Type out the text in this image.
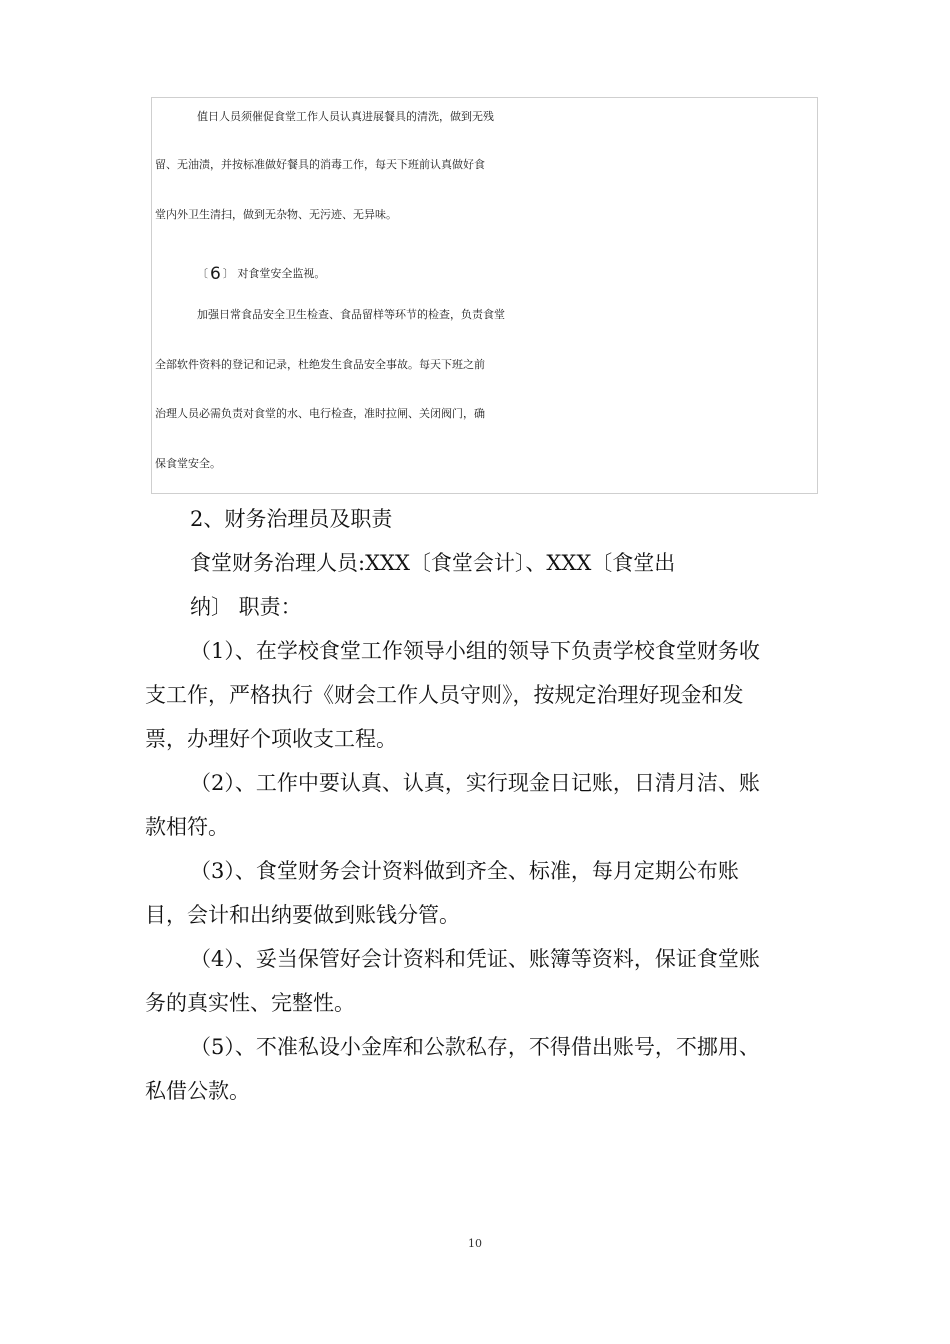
值日人员须催促食堂工作人员认真进展餐具的清洗，做到无残
留、无油渍，并按标准做好餐具的消毒工作，每天下班前认真做好食
堂内外卫生清扫，做到无杂物、无污迹、无异味。
〔 6 〕 对食堂安全监视。
加强日常食品安全卫生检查、食品留样等环节的检查，负责食堂
全部软件资料的登记和记录，杜绝发生食品安全事故。每天下班之前
治理人员必需负责对食堂的水、电行检查，准时拉闸、关闭阀门，确
保食堂安全。
2、财务治理员及职责
食堂财务治理人员:XXX〔食堂会计〕、XXX〔食堂出
纳〕 职责：
（1）、在学校食堂工作领导小组的领导下负责学校食堂财务收
支工作，严格执行《财会工作人员守则》，按规定治理好现金和发
票，办理好个项收支工程。
（2）、工作中要认真、认真，实行现金日记账，日清月洁、账
款相符。
（3）、食堂财务会计资料做到齐全、标准，每月定期公布账
目，会计和出纳要做到账钱分管。
（4）、妥当保管好会计资料和凭证、账簿等资料，保证食堂账
务的真实性、完整性。
（5）、不准私设小金库和公款私存，不得借出账号，不挪用、
私借公款。
10
